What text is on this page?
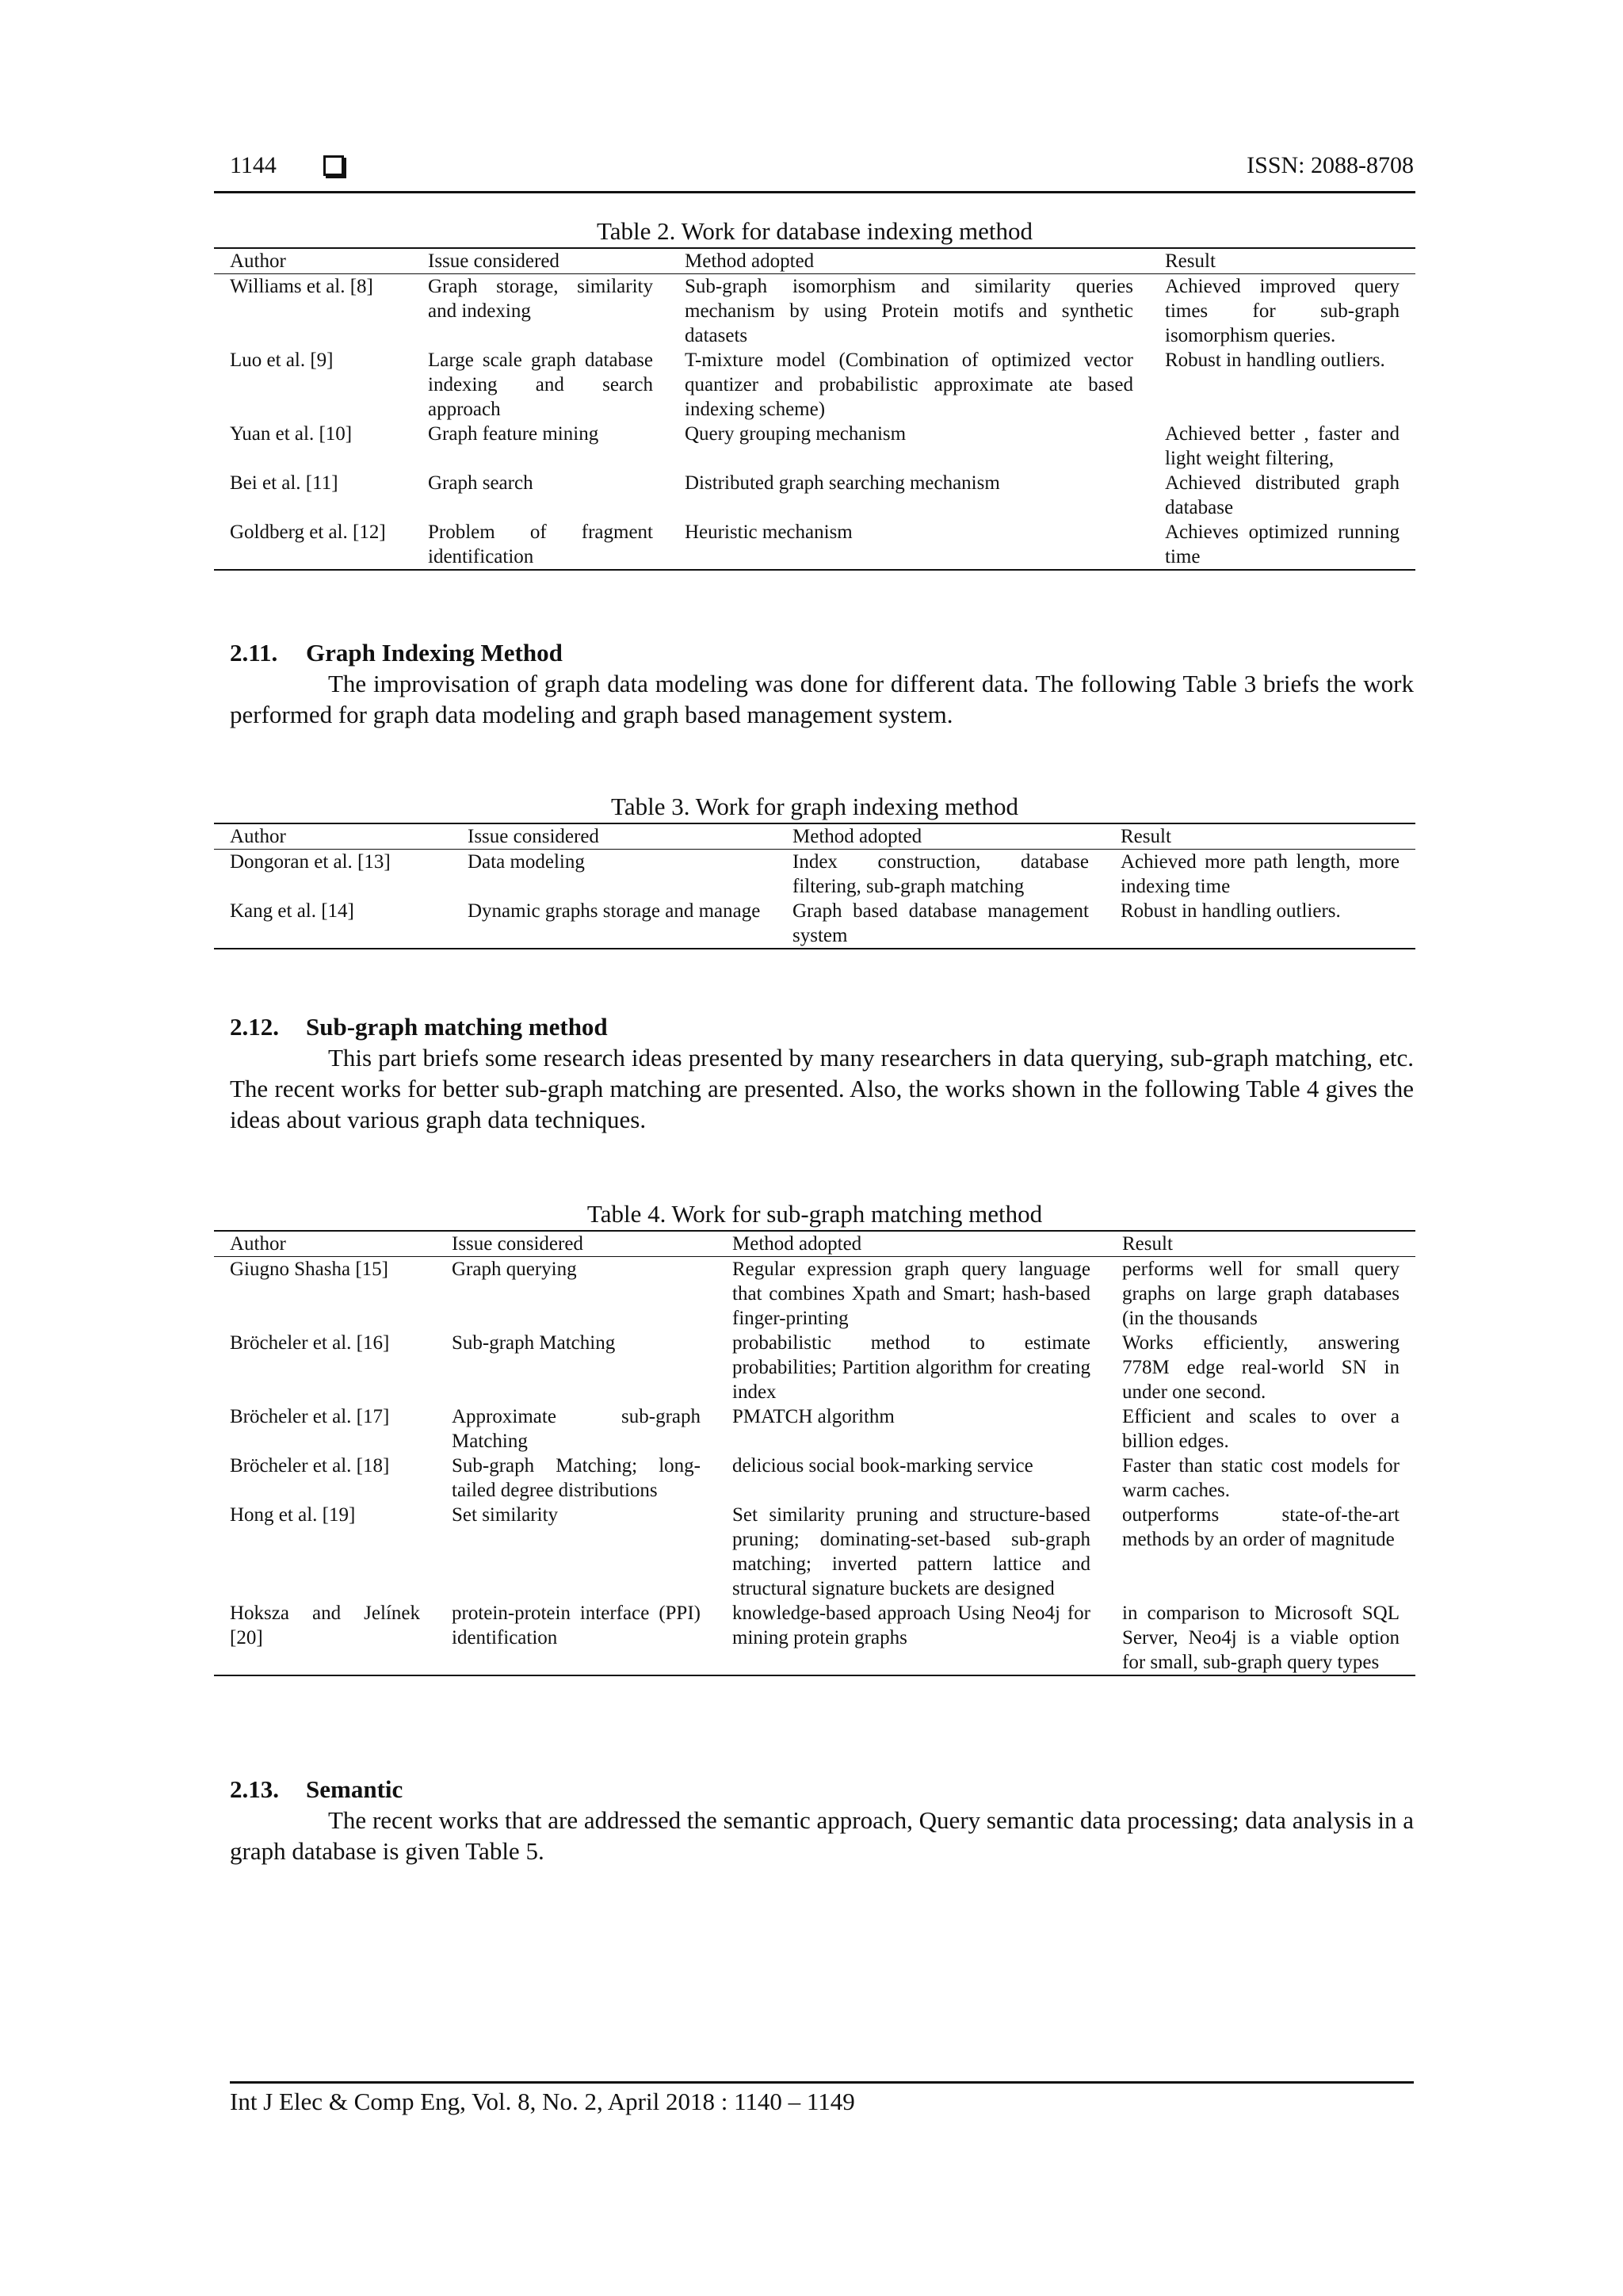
1144	ISSN: 2088-8708
Table 2. Work for database indexing method
Author	Issue considered	Method adopted	Result
Williams et al. [8]	Graph storage, similarity and indexing	Sub-graph isomorphism and similarity queries mechanism by using Protein motifs and synthetic datasets	Achieved improved query times for sub-graph isomorphism queries.
Luo et al. [9]	Large scale graph database indexing and search approach	T-mixture model (Combination of optimized vector quantizer and probabilistic approximate ate based indexing scheme)	Robust in handling outliers.
Yuan et al. [10]	Graph feature mining	Query grouping mechanism	Achieved better , faster and light weight filtering,
Bei et al. [11]	Graph search	Distributed graph searching mechanism	Achieved distributed graph database
Goldberg et al. [12]	Problem of fragment identification	Heuristic mechanism	Achieves optimized running time
2.11. Graph Indexing Method

The improvisation of graph data modeling was done for different data. The following Table 3 briefs the work performed for graph data modeling and graph based management system.

Table 3. Work for graph indexing method
Author	Issue considered	Method adopted	Result
Dongoran et al. [13]	Data modeling	Index construction, database filtering, sub-graph matching	Achieved more path length, more indexing time
Kang et al. [14]	Dynamic graphs storage and manage	Graph based database management system	Robust in handling outliers.
2.12. Sub-graph matching method

This part briefs some research ideas presented by many researchers in data querying, sub-graph matching, etc. The recent works for better sub-graph matching are presented. Also, the works shown in the following Table 4 gives the ideas about various graph data techniques.

Table 4. Work for sub-graph matching method
Author	Issue considered	Method adopted	Result
Giugno Shasha [15]	Graph querying	Regular expression graph query language that combines Xpath and Smart; hash-based finger-printing	performs well for small query graphs on large graph databases (in the thousands
Bröcheler et al. [16]	Sub-graph Matching	probabilistic method to estimate probabilities; Partition algorithm for creating index	Works efficiently, answering 778M edge real-world SN in under one second.
Bröcheler et al. [17]	Approximate sub-graph Matching	PMATCH algorithm	Efficient and scales to over a billion edges.
Bröcheler et al. [18]	Sub-graph Matching; long-tailed degree distributions	delicious social book-marking service	Faster than static cost models for warm caches.
Hong et al. [19]	Set similarity	Set similarity pruning and structure-based pruning; dominating-set-based sub-graph matching; inverted pattern lattice and structural signature buckets are designed	outperforms state-of-the-art methods by an order of magnitude
Hoksza and Jelínek [20]	protein-protein interface (PPI) identification	knowledge-based approach Using Neo4j for mining protein graphs	in comparison to Microsoft SQL Server, Neo4j is a viable option for small, sub-graph query types
2.13. Semantic

The recent works that are addressed the semantic approach, Query semantic data processing; data analysis in a graph database is given Table 5.

Int J Elec & Comp Eng, Vol. 8, No. 2, April 2018 : 1140 – 1149
